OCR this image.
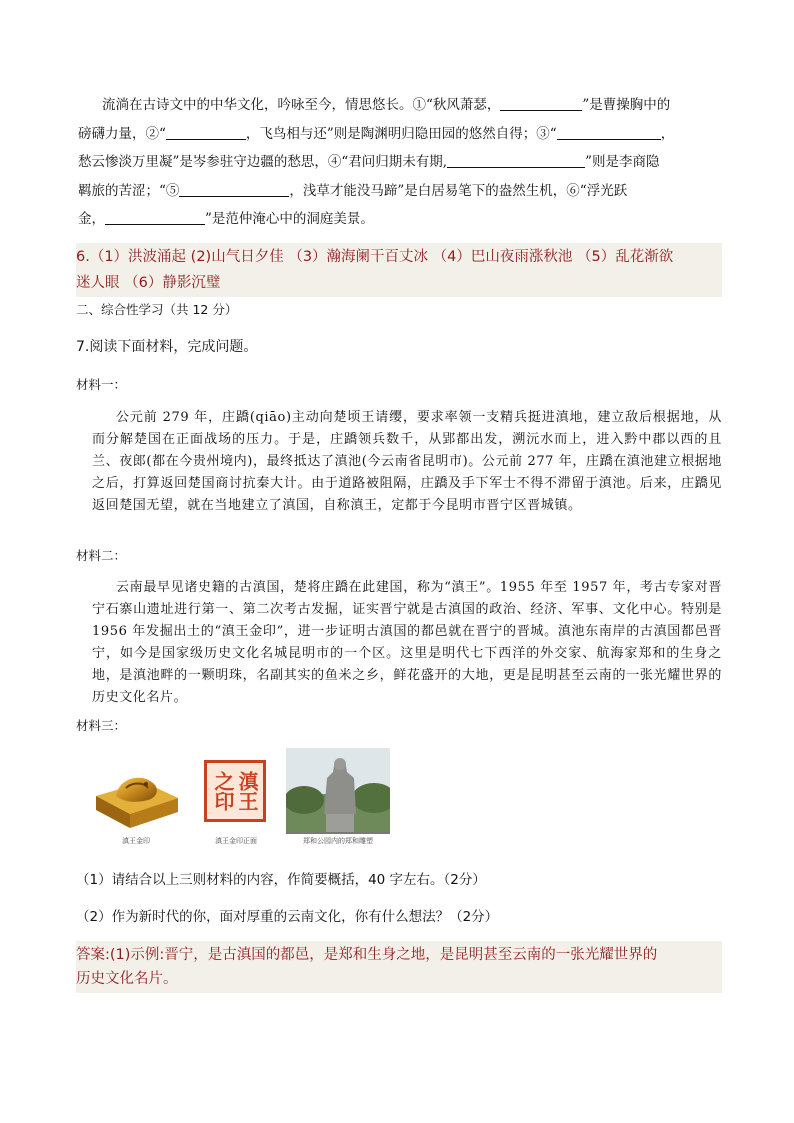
流淌在古诗文中的中华文化，吟咏至今，情思悠长。①“秋风萧瑟，	”是曹操胸中的
磅礴力量，②“	，飞鸟相与还”则是陶渊明归隐田园的悠然自得；③“	，
愁云惨淡万里凝”是岑参驻守边疆的愁思，④“君问归期未有期,	”则是李商隐
羁旅的苦涩；“⑤	，浅草才能没马蹄”是白居易笔下的盎然生机，⑥“浮光跃
金，	”是范仲淹心中的洞庭美景。
6.（1）洪波涌起 (2)山气日夕佳 （3）瀚海阑干百丈冰 （4）巴山夜雨涨秋池 （5）乱花渐欲
迷人眼 （6）静影沉璧
二、综合性学习（共 12 分）
7.阅读下面材料，完成问题。
材料一：
公元前 279 年，庄蹻(qiāo)主动向楚顷王请缨，要求率领一支精兵挺进滇地，建立敌后根据地，从而分解楚国在正面战场的压力。于是，庄蹻领兵数千，从郢都出发，溯沅水而上，进入黔中郡以西的且兰、夜郎(都在今贵州境内)，最终抵达了滇池(今云南省昆明市)。公元前 277 年，庄蹻在滇池建立根据地之后，打算返回楚国商讨抗秦大计。由于道路被阻隔，庄蹻及手下军士不得不滞留于滇池。后来，庄蹻见返回楚国无望，就在当地建立了滇国，自称滇王，定都于今昆明市晋宁区晋城镇。
材料二：
云南最早见诸史籍的古滇国，楚将庄蹻在此建国，称为“滇王”。1955 年至 1957 年，考古专家对晋宁石寨山遗址进行第一、第二次考古发掘，证实晋宁就是古滇国的政治、经济、军事、文化中心。特别是 1956 年发掘出土的“滇王金印”，进一步证明古滇国的都邑就在晋宁的晋城。滇池东南岸的古滇国都邑晋宁，如今是国家级历史文化名城昆明市的一个区。这里是明代七下西洋的外交家、航海家郑和的生身之地，是滇池畔的一颗明珠，名副其实的鱼米之乡，鲜花盛开的大地，更是昆明甚至云南的一张光耀世界的历史文化名片。
材料三：
滇王金印
滇王之印
滇王金印正面	郑和公园内的郑和雕塑
（1）请结合以上三则材料的内容，作简要概括，40 字左右。（2分）
（2）作为新时代的你，面对厚重的云南文化，你有什么想法？（2分）
答案:(1)示例:晋宁，是古滇国的都邑，是郑和生身之地，是昆明甚至云南的一张光耀世界的
历史文化名片。
